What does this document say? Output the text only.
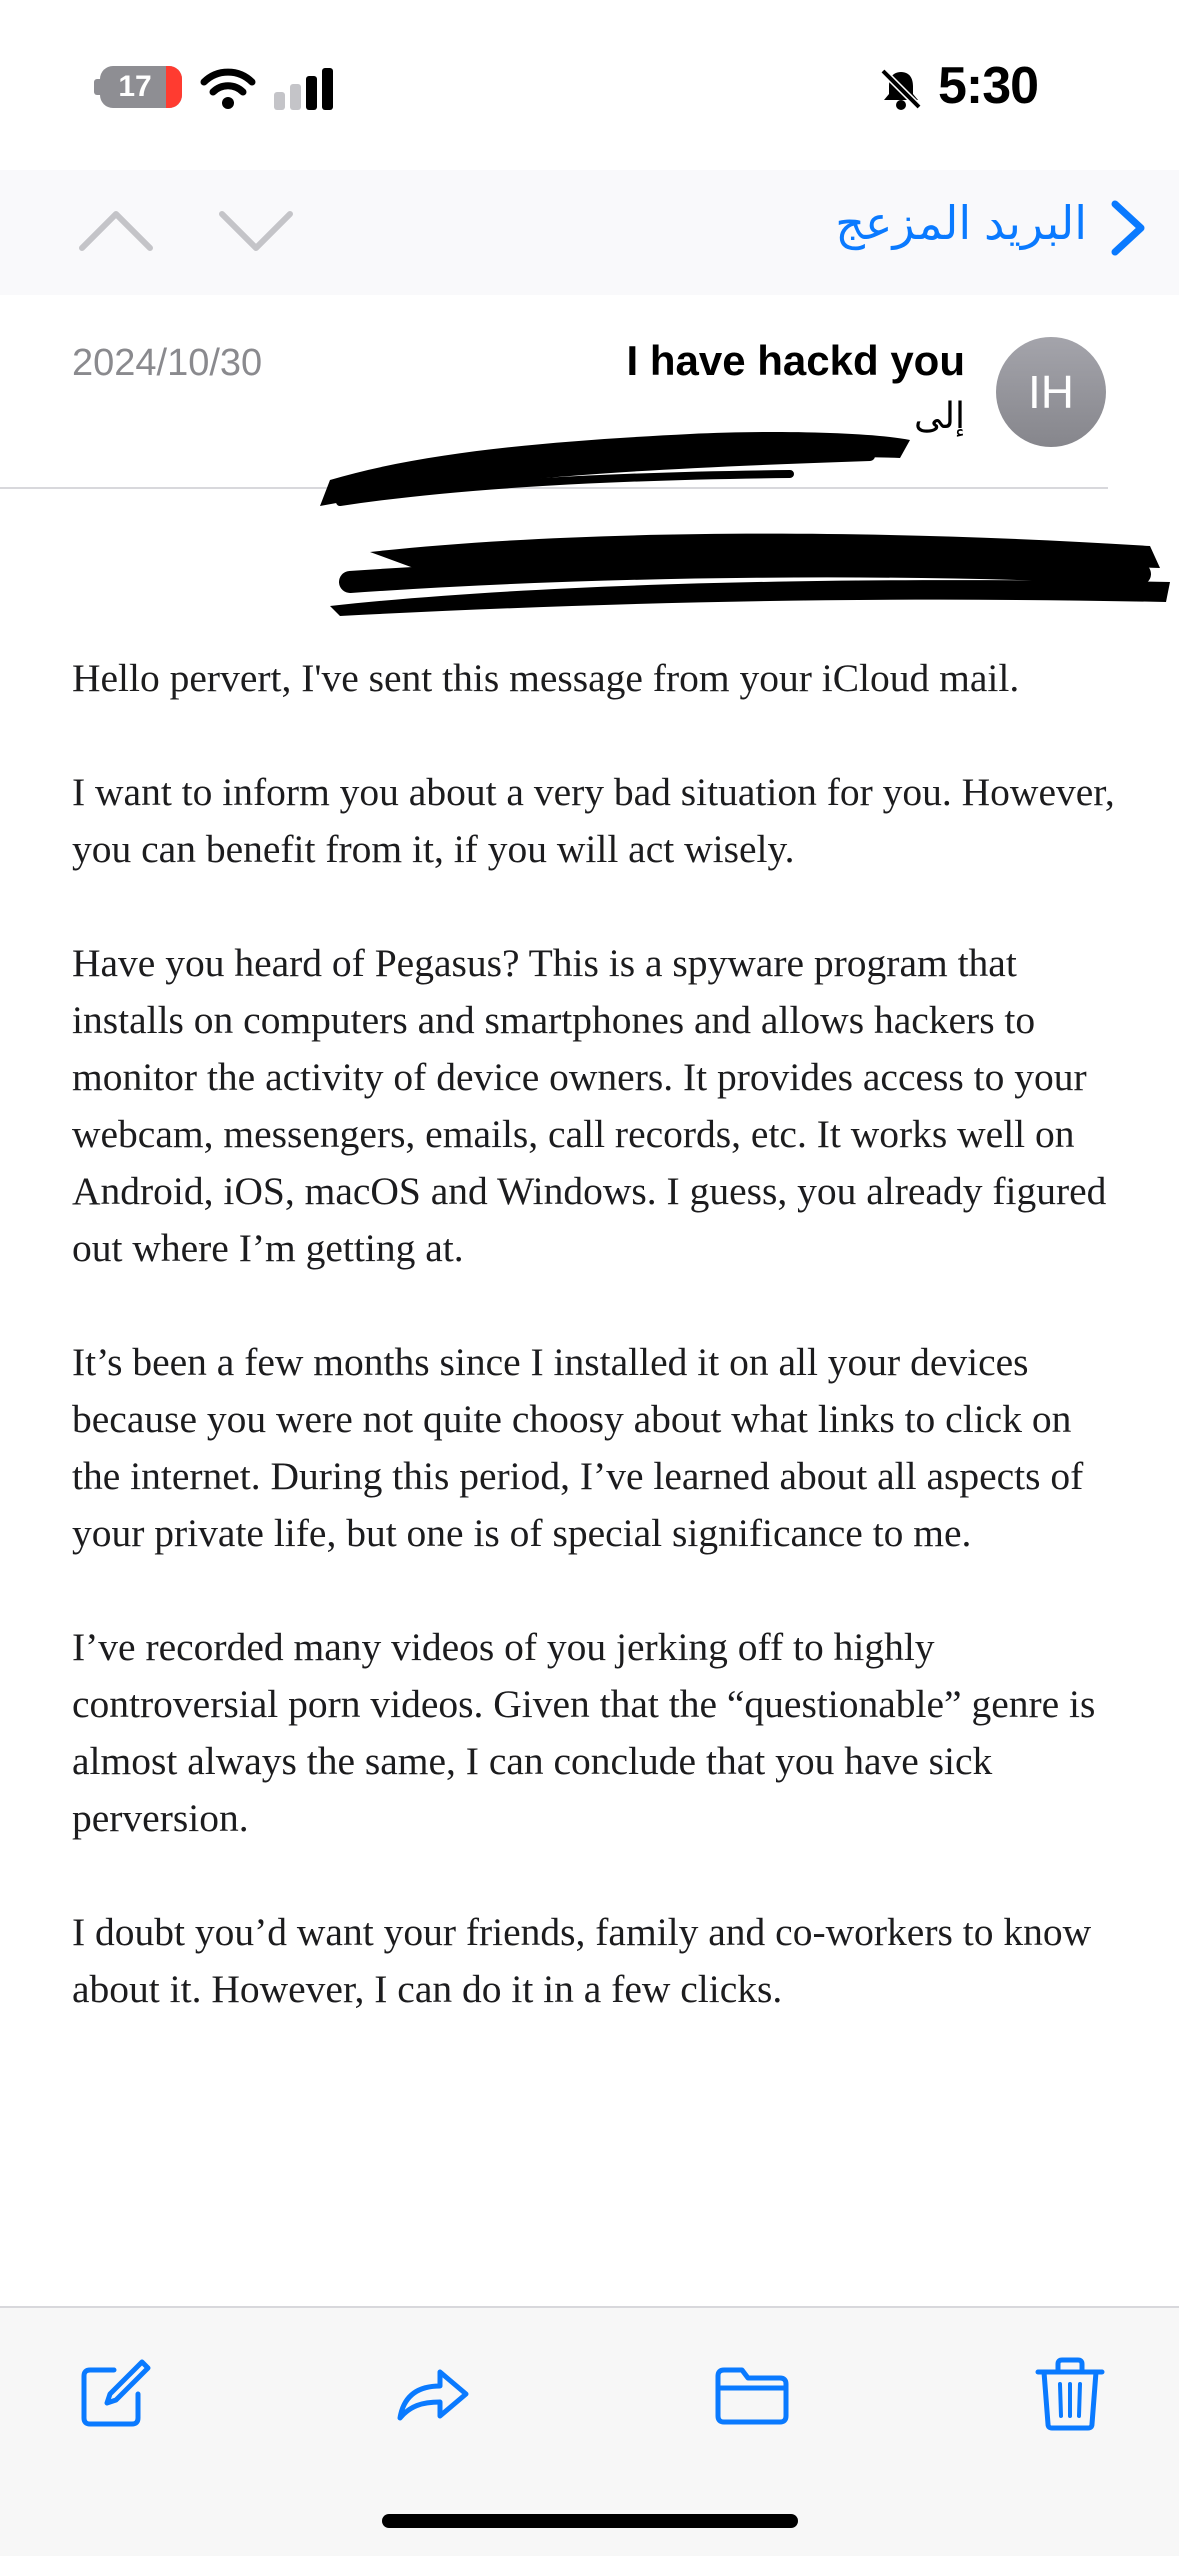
17	5:30
البريد المزعج
2024/10/30	I have hackd you
إلى	IH

Hello pervert, I've sent this message from your iCloud mail.

I want to inform you about a very bad situation for you. However, you can benefit from it, if you will act wisely.

Have you heard of Pegasus? This is a spyware program that installs on computers and smartphones and allows hackers to monitor the activity of device owners. It provides access to your webcam, messengers, emails, call records, etc. It works well on Android, iOS, macOS and Windows. I guess, you already figured out where I’m getting at.

It’s been a few months since I installed it on all your devices because you were not quite choosy about what links to click on the internet. During this period, I’ve learned about all aspects of your private life, but one is of special significance to me.

I’ve recorded many videos of you jerking off to highly controversial porn videos. Given that the “questionable” genre is almost always the same, I can conclude that you have sick perversion.

I doubt you’d want your friends, family and co-workers to know about it. However, I can do it in a few clicks.
